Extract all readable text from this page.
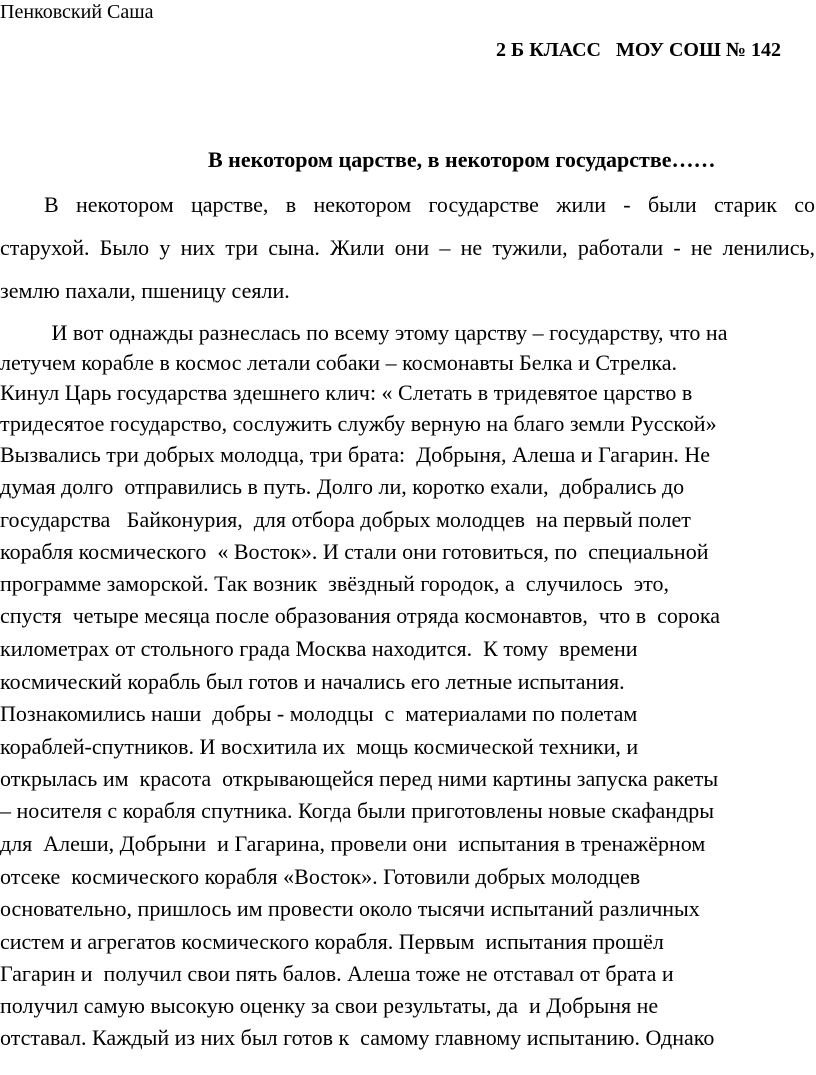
Пенковский Саша
2 Б КЛАСС   МОУ СОШ № 142
В некотором царстве, в некотором государстве……
В некотором царстве, в некотором государстве жили - были старик со
старухой. Было у них три сына. Жили они – не тужили, работали - не ленились,
землю пахали, пшеницу сеяли.
И вот однажды разнеслась по всему этому царству – государству, что на
летучем корабле в космос летали собаки – космонавты Белка и Стрелка.
Кинул Царь государства здешнего клич: « Слетать в тридевятое царство в
тридесятое государство, сослужить службу верную на благо земли Русской»
Вызвались три добрых молодца, три брата:  Добрыня, Алеша и Гагарин. Не
думая долго  отправились в путь. Долго ли, коротко ехали,  добрались до
государства   Байконурия,  для отбора добрых молодцев  на первый полет
корабля космического  « Восток». И стали они готовиться, по  специальной
программе заморской. Так возник  звёздный городок, а  случилось  это,
спустя  четыре месяца после образования отряда космонавтов,  что в  сорока
километрах от стольного града Москва находится.  К тому  времени
космический корабль был готов и начались его летные испытания.
Познакомились наши  добры - молодцы  с  материалами по полетам
кораблей-спутников. И восхитила их  мощь космической техники, и
открылась им  красота  открывающейся перед ними картины запуска ракеты
– носителя с корабля спутника. Когда были приготовлены новые скафандры
для  Алеши, Добрыни  и Гагарина, провели они  испытания в тренажёрном
отсеке  космического корабля «Восток». Готовили добрых молодцев
основательно, пришлось им провести около тысячи испытаний различных
систем и агрегатов космического корабля. Первым  испытания прошёл
Гагарин и  получил свои пять балов. Алеша тоже не отставал от брата и
получил самую высокую оценку за свои результаты, да  и Добрыня не
отставал. Каждый из них был готов к  самому главному испытанию. Однако
